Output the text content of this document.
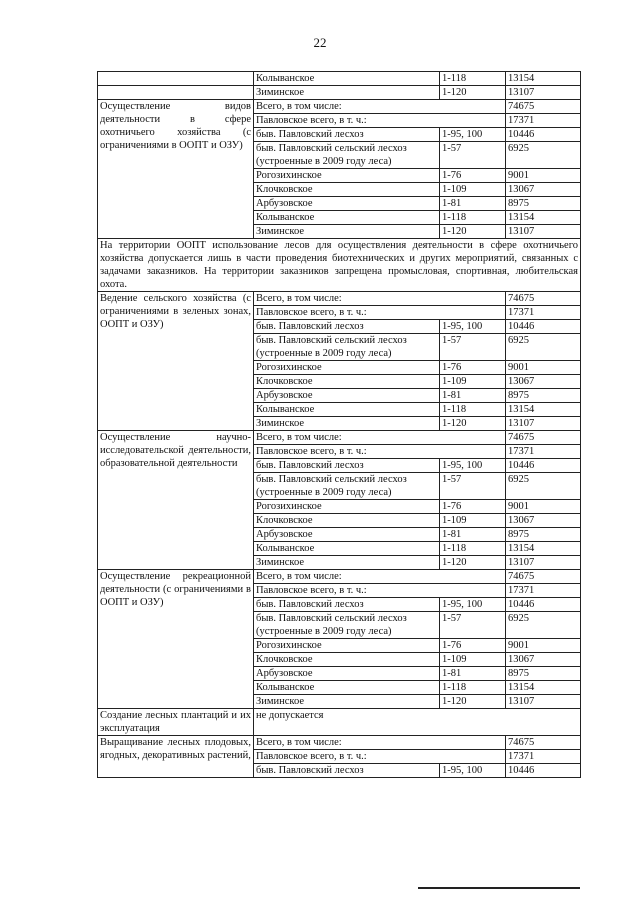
22
	Колыванское	1-118	13154
	Зиминское	1-120	13107
Осуществление видов деятельности в сфере охотничьего хозяйства (с ограничениями в ООПТ и ОЗУ)	Всего, в том числе:		74675
	Павловское всего, в т. ч.:		17371
	быв. Павловский лесхоз	1-95, 100	10446
	быв. Павловский сельский лесхоз (устроенные в 2009 году леса)	1-57	6925
	Рогозихинское	1-76	9001
	Клочковское	1-109	13067
	Арбузовское	1-81	8975
	Колыванское	1-118	13154
	Зиминское	1-120	13107
На территории ООПТ использование лесов для осуществления деятельности в сфере охотничьего хозяйства допускается лишь в части проведения биотехнических и других мероприятий, связанных с задачами заказников. На территории заказников запрещена промысловая, спортивная, любительская охота.			
Ведение сельского хозяйства (с ограничениями в зеленых зонах, ООПТ и ОЗУ)	Всего, в том числе:		74675
	Павловское всего, в т. ч.:		17371
	быв. Павловский лесхоз	1-95, 100	10446
	быв. Павловский сельский лесхоз (устроенные в 2009 году леса)	1-57	6925
	Рогозихинское	1-76	9001
	Клочковское	1-109	13067
	Арбузовское	1-81	8975
	Колыванское	1-118	13154
	Зиминское	1-120	13107
Осуществление научно-исследовательской деятельности, образовательной деятельности	Всего, в том числе:		74675
	Павловское всего, в т. ч.:		17371
	быв. Павловский лесхоз	1-95, 100	10446
	быв. Павловский сельский лесхоз (устроенные в 2009 году леса)	1-57	6925
	Рогозихинское	1-76	9001
	Клочковское	1-109	13067
	Арбузовское	1-81	8975
	Колыванское	1-118	13154
	Зиминское	1-120	13107
Осуществление рекреационной деятельности (с ограничениями в ООПТ и ОЗУ)	Всего, в том числе:		74675
	Павловское всего, в т. ч.:		17371
	быв. Павловский лесхоз	1-95, 100	10446
	быв. Павловский сельский лесхоз (устроенные в 2009 году леса)	1-57	6925
	Рогозихинское	1-76	9001
	Клочковское	1-109	13067
	Арбузовское	1-81	8975
	Колыванское	1-118	13154
	Зиминское	1-120	13107
Создание лесных плантаций и их эксплуатация	не допускается		
Выращивание лесных плодовых, ягодных, декоративных растений,	Всего, в том числе:		74675
	Павловское всего, в т. ч.:		17371
	быв. Павловский лесхоз	1-95, 100	10446
